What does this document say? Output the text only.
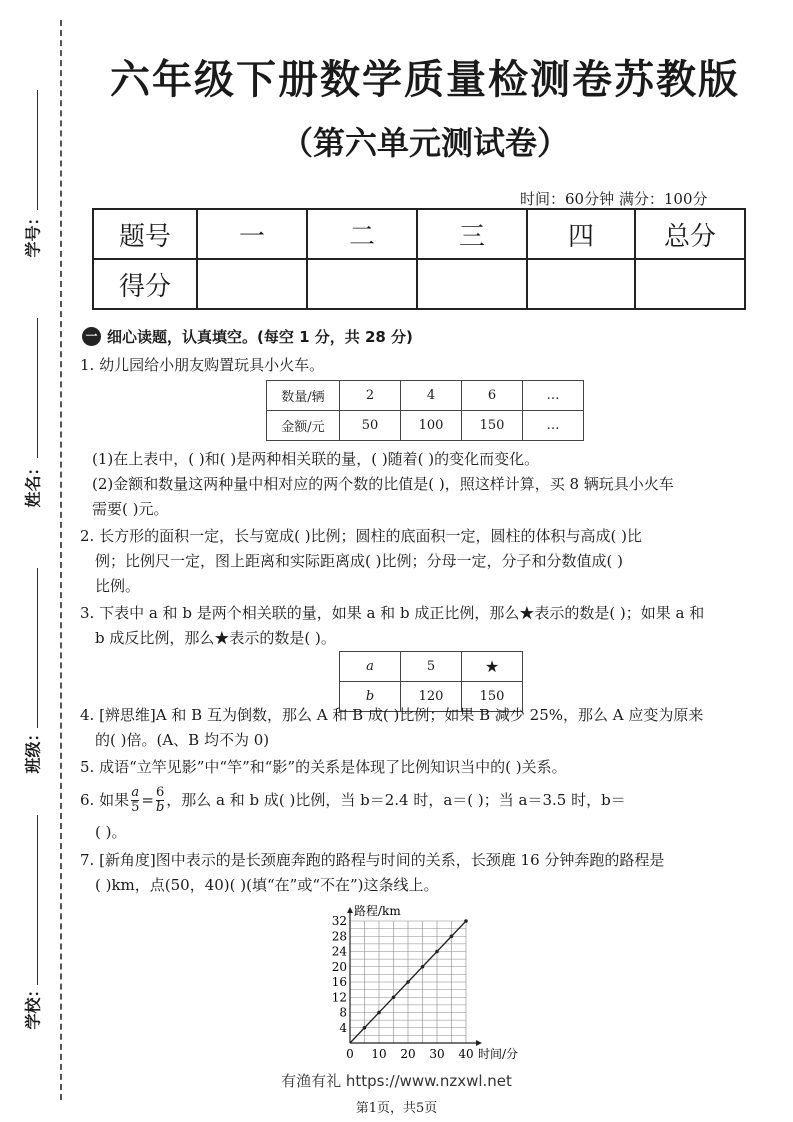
学号：
姓名：
班级：
学校：
六年级下册数学质量检测卷苏教版
（第六单元测试卷）
时间：60分钟 满分：100分
题号	一	二	三	四	总分
得分					
一 细心读题，认真填空。(每空 1 分，共 28 分)
1. 幼儿园给小朋友购置玩具小火车。
数量/辆	2	4	6	…
金额/元	50	100	150	…
(1)在上表中，( )和( )是两种相关联的量，( )随着( )的变化而变化。
(2)金额和数量这两种量中相对应的两个数的比值是( )，照这样计算，买 8 辆玩具小火车
需要( )元。
2. 长方形的面积一定，长与宽成( )比例；圆柱的底面积一定，圆柱的体积与高成( )比
例；比例尺一定，图上距离和实际距离成( )比例；分母一定，分子和分数值成( )
比例。
3. 下表中 a 和 b 是两个相关联的量，如果 a 和 b 成正比例，那么★表示的数是( )；如果 a 和
b 成反比例，那么★表示的数是( )。
a	5	★
b	120	150
4. [辨思维]A 和 B 互为倒数，那么 A 和 B 成( )比例；如果 B 减少 25%，那么 A 应变为原来
的( )倍。(A、B 均不为 0)
5. 成语“立竿见影”中“竿”和“影”的关系是体现了比例知识当中的( )关系。
6. 如果 $\frac{a}{5} = \frac{6}{b}$ ，那么 a 和 b 成( )比例，当 b＝2.4 时，a＝( )；当 a＝3.5 时，b＝
( )。
7. [新角度]图中表示的是长颈鹿奔跑的路程与时间的关系，长颈鹿 16 分钟奔跑的路程是
( )km，点(50，40)( )(填“在”或“不在”)这条线上。
0 10 20 30 40
4
8
12
16
20
24
28
32
路程/km
时间/分
有渔有礼 https://www.nzxwl.net
第1页，共5页
